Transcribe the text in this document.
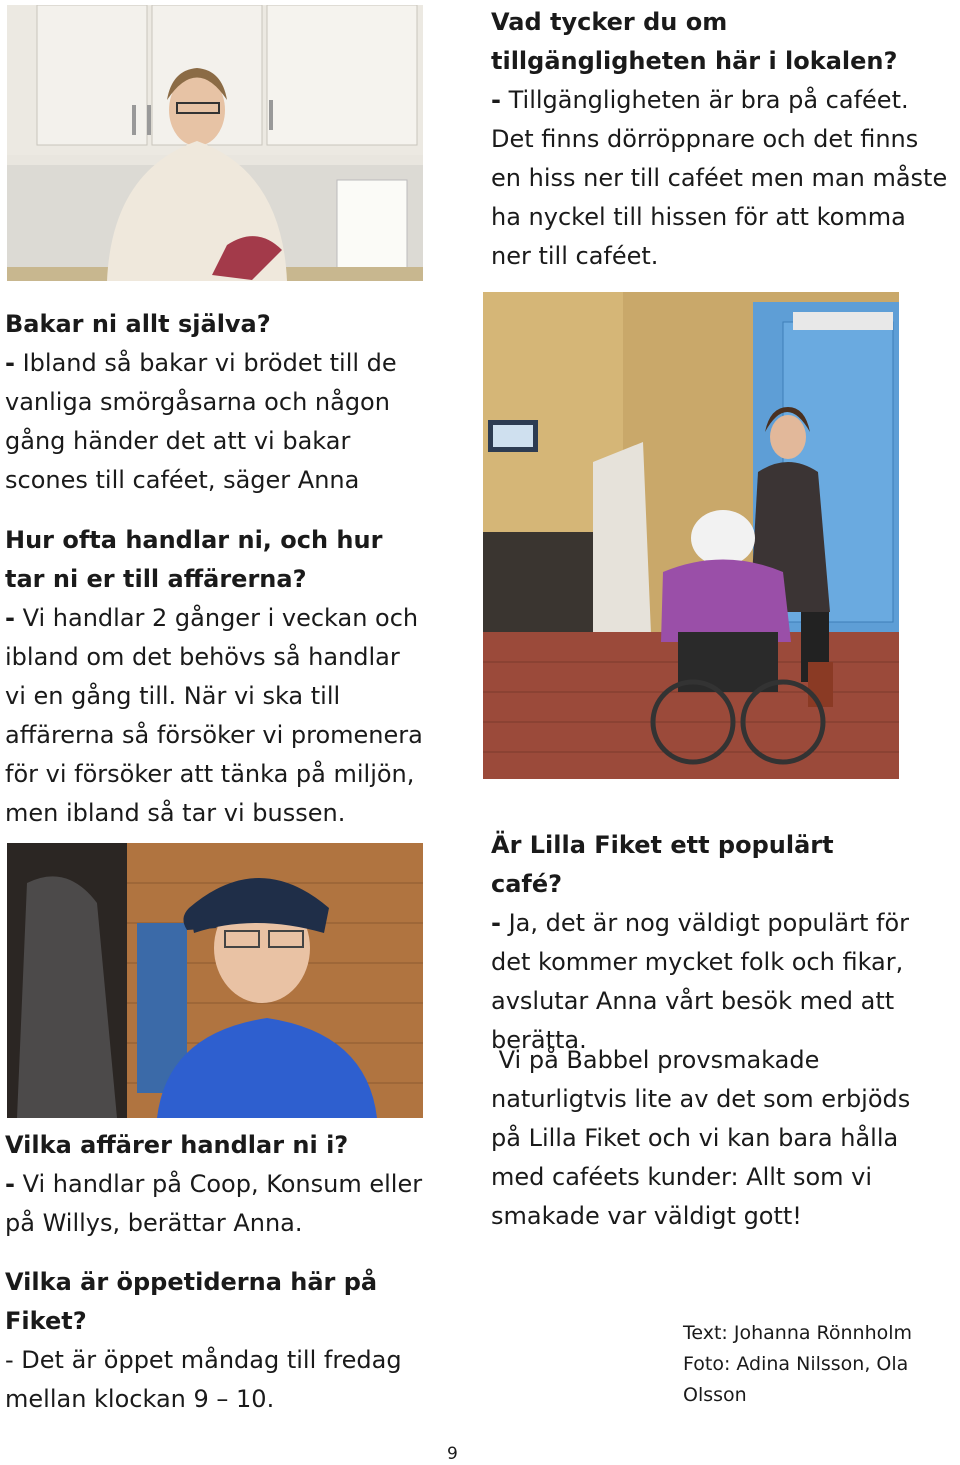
Vad tycker du om tillgängligheten här i lokalen?
- Tillgängligheten är bra på caféet. Det finns dörröppnare och det finns en hiss ner till caféet men man måste ha nyckel till hissen för att komma ner till caféet.

Bakar ni allt själva?
- Ibland så bakar vi brödet till de vanliga smörgåsarna och någon gång händer det att vi bakar scones till caféet, säger Anna

Hur ofta handlar ni, och hur tar ni er till affärerna?
- Vi handlar 2 gånger i veckan och ibland om det behövs så handlar vi en gång till. När vi ska till affärerna så försöker vi promenera för vi försöker att tänka på miljön, men ibland så tar vi bussen.

Vilka affärer handlar ni i?
- Vi handlar på Coop, Konsum eller på Willys, berättar Anna.

Vilka är öppetiderna här på Fiket?
- Det är öppet måndag till fredag mellan klockan 9 – 10.

Är Lilla Fiket ett populärt café?
- Ja, det är nog väldigt populärt för det kommer mycket folk och fikar, avslutar Anna vårt besök med att berätta.

Vi på Babbel provsmakade naturligtvis lite av det som erbjöds på Lilla Fiket och vi kan bara hålla med caféets kunder: Allt som vi smakade var väldigt gott!

Text: Johanna Rönnholm
Foto: Adina Nilsson, Ola Olsson
9
